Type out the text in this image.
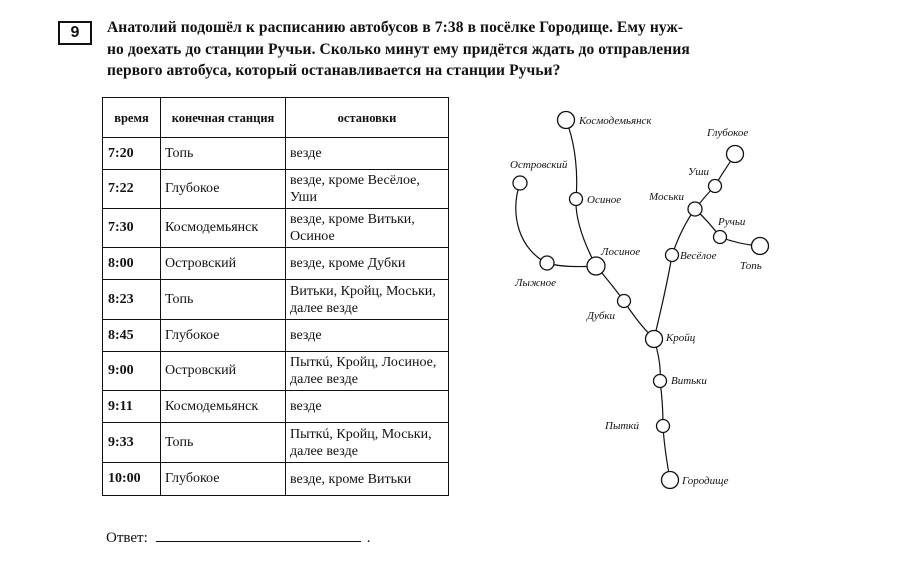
9	Анатолий подошёл к расписанию автобусов в 7:38 в посёлке Городище. Ему нуж-
но доехать до станции Ручьи. Сколько минут ему придётся ждать до отправления
первого автобуса, который останавливается на станции Ручьи?
время	конечная станция	остановки
7:20	Топь	везде
7:22	Глубокое	везде, кроме Весёлое, Уши
7:30	Космодемьянск	везде, кроме Витьки, Осиное
8:00	Островский	везде, кроме Дубки
8:23	Топь	Витьки, Кройц, Моськи, далее везде
8:45	Глубокое	везде
9:00	Островский	Пыткú, Кройц, Лосиное, далее везде
9:11	Космодемьянск	везде
9:33	Топь	Пыткú, Кройц, Моськи, далее везде
10:00	Глубокое	везде, кроме Витьки
Ответ:	.
Космодемьянск
Глубокое
Островский
Уши
Осиное	Моськи
Ручьи
Лосиное	Весёлое
Топь
Лыжное
Дубки
Кройц
Витьки
Пыткú
Городище
